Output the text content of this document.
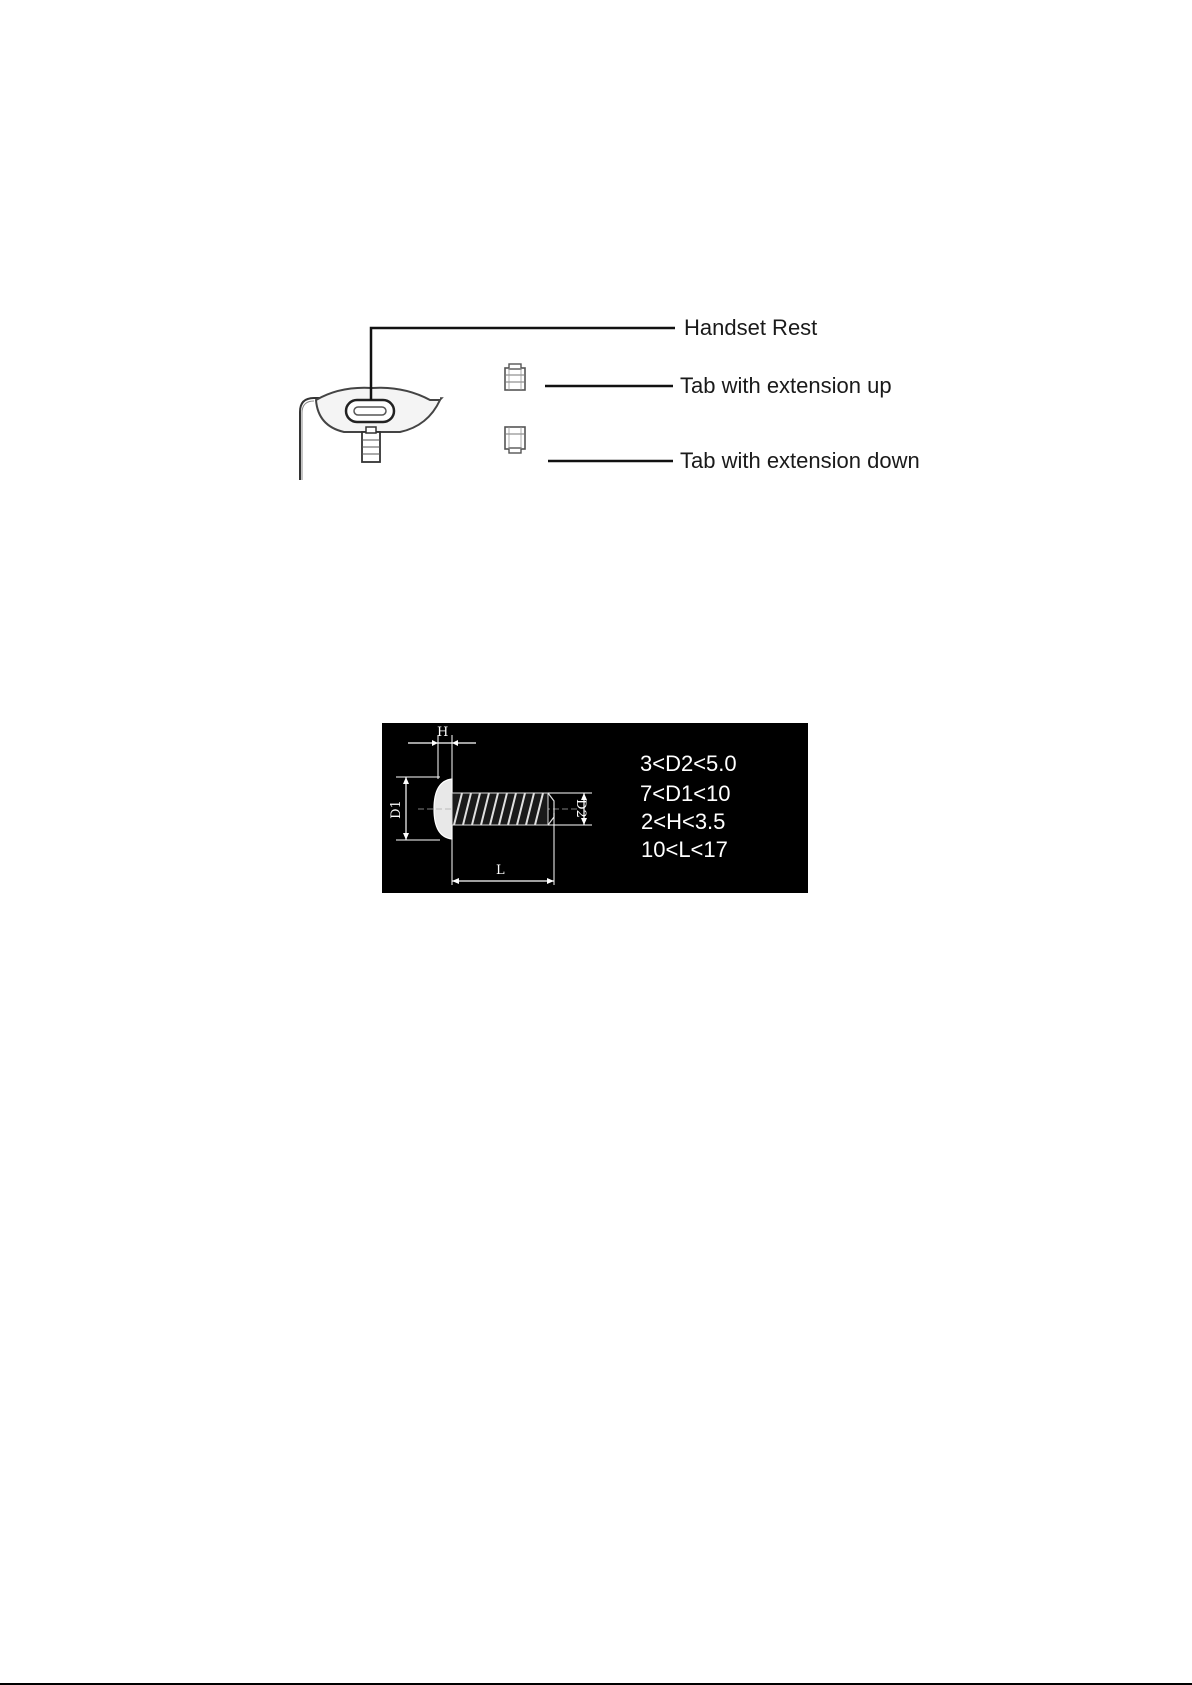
Handset Rest
Tab with extension up
Tab with extension down
H
D1	D2
L
3<D2<5.0
7<D1<10
2<H<3.5
10<L<17
